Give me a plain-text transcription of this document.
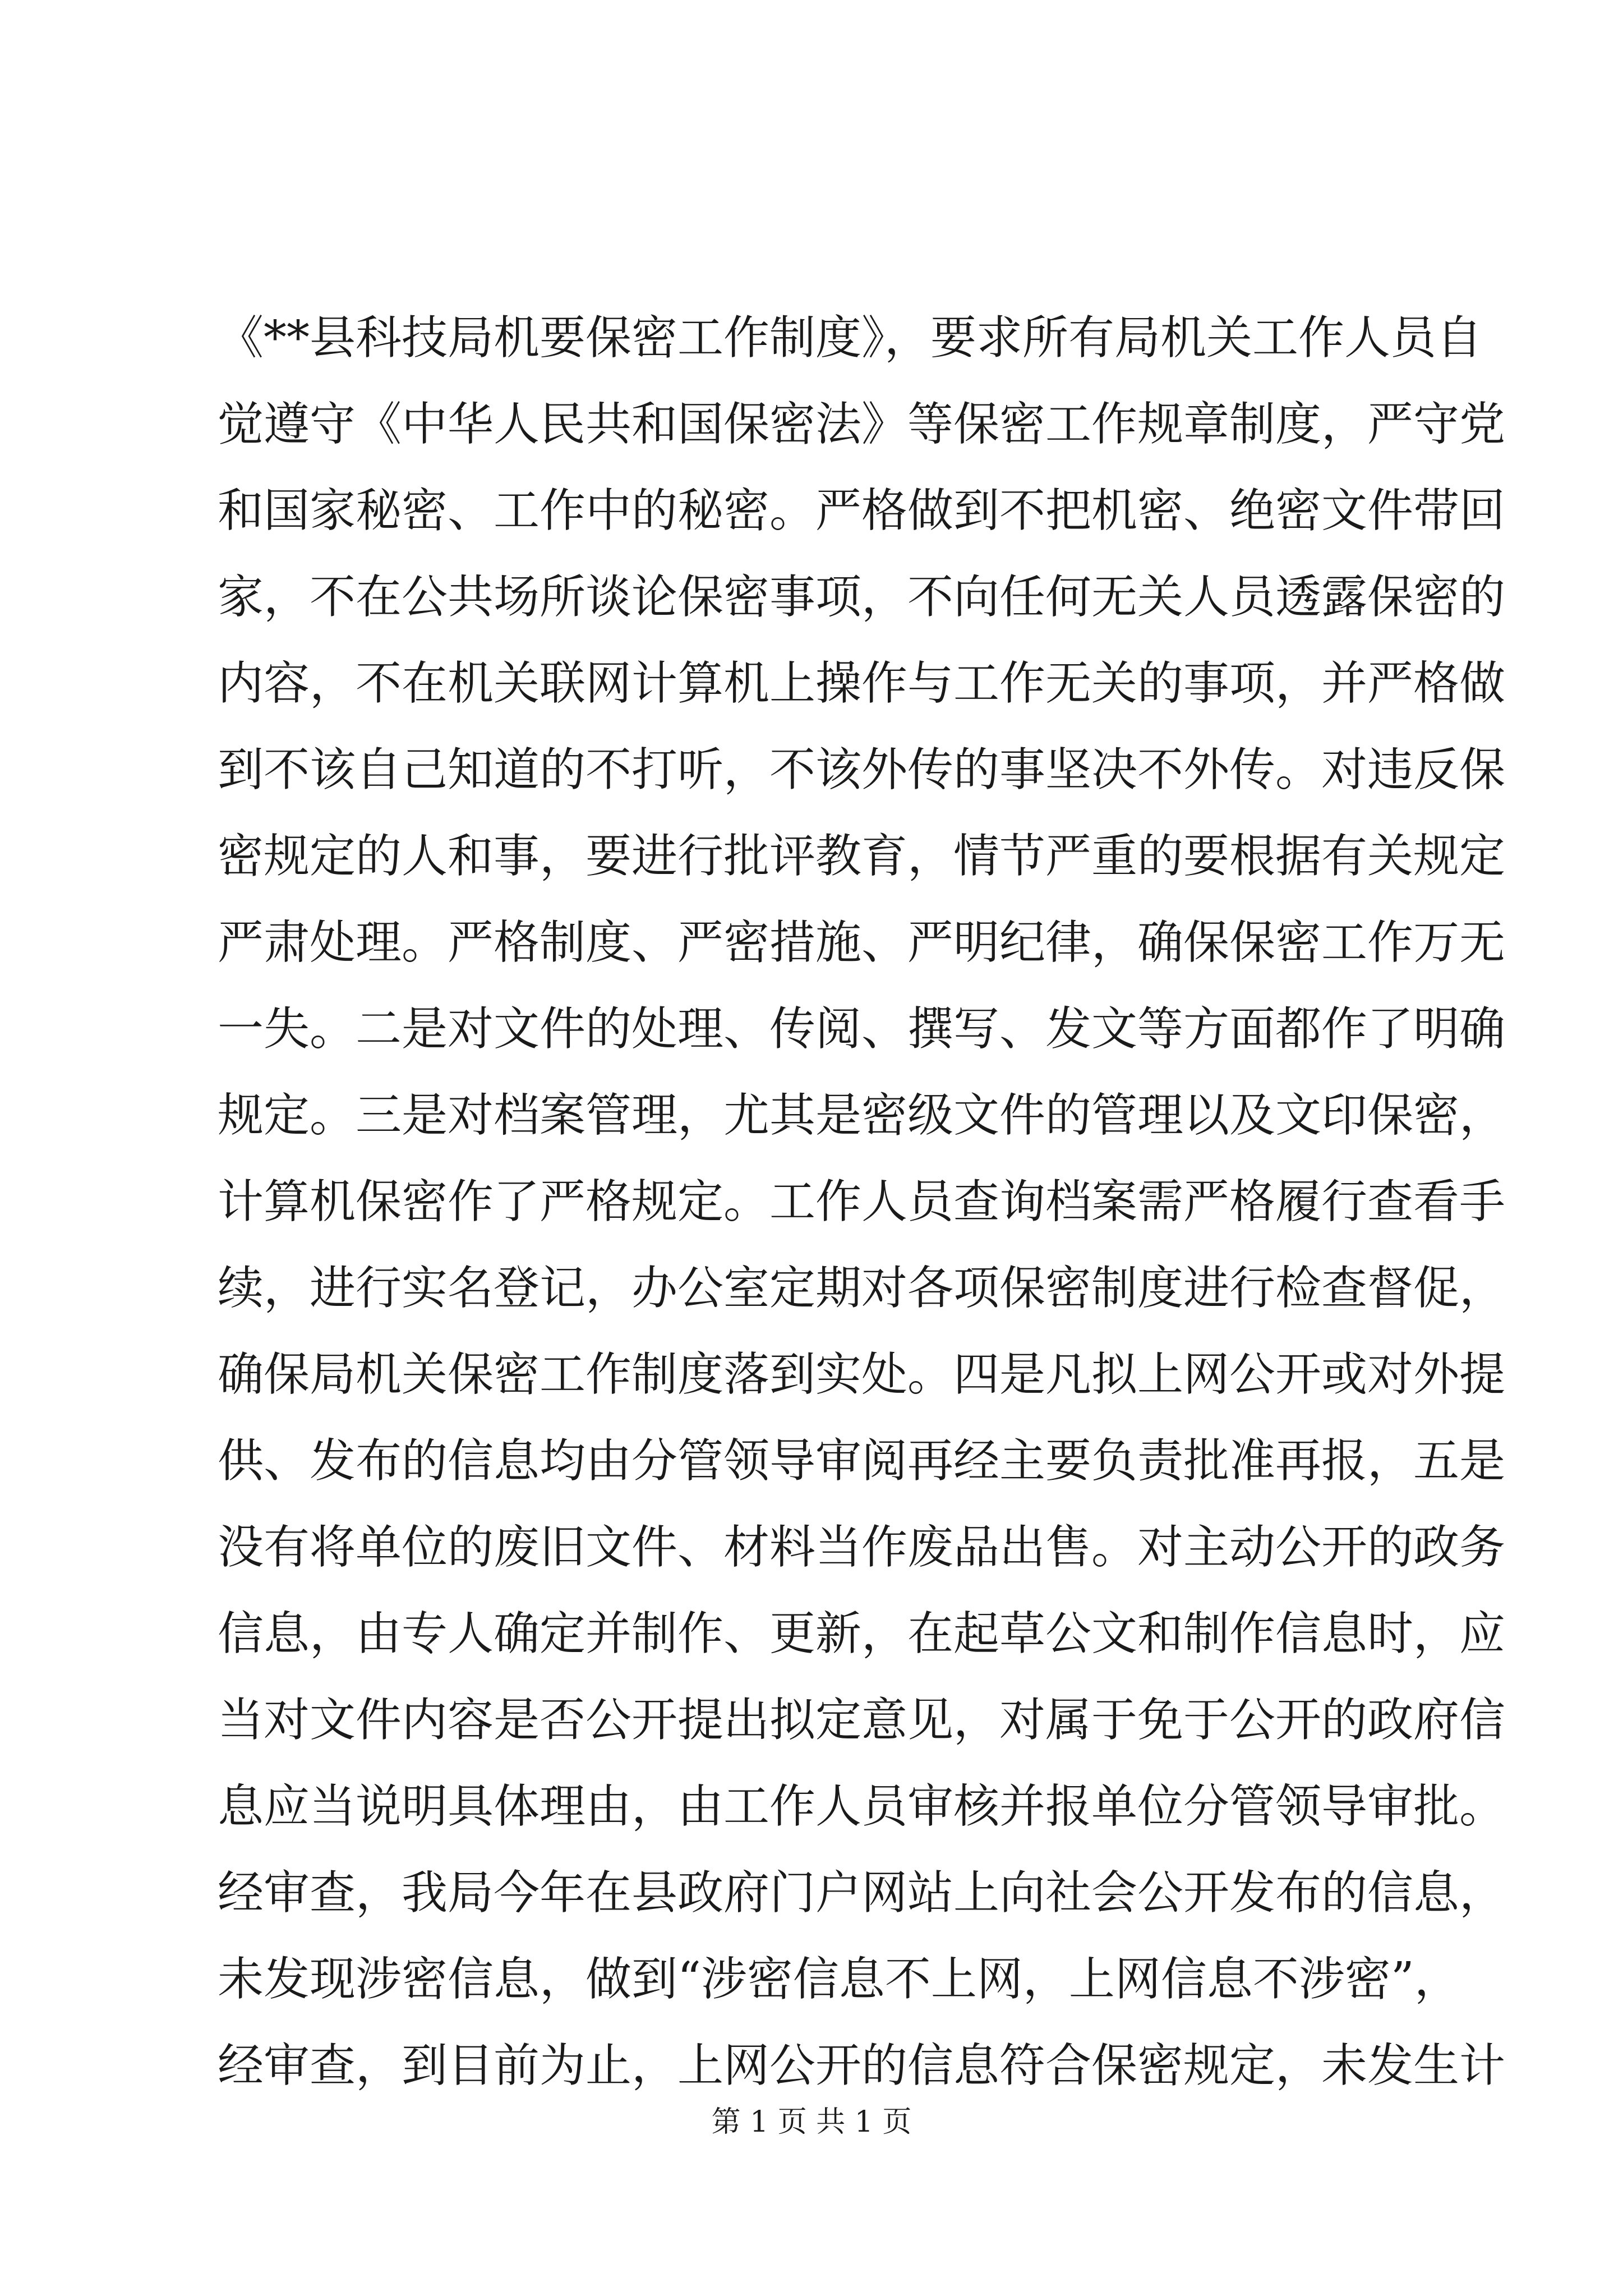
《**县科技局机要保密工作制度》，要求所有局机关工作人员自
觉遵守《中华人民共和国保密法》等保密工作规章制度，严守党
和国家秘密、工作中的秘密。严格做到不把机密、绝密文件带回
家，不在公共场所谈论保密事项，不向任何无关人员透露保密的
内容，不在机关联网计算机上操作与工作无关的事项，并严格做
到不该自己知道的不打听，不该外传的事坚决不外传。对违反保
密规定的人和事，要进行批评教育，情节严重的要根据有关规定
严肃处理。严格制度、严密措施、严明纪律，确保保密工作万无
一失。二是对文件的处理、传阅、撰写、发文等方面都作了明确
规定。三是对档案管理，尤其是密级文件的管理以及文印保密，
计算机保密作了严格规定。工作人员查询档案需严格履行查看手
续，进行实名登记，办公室定期对各项保密制度进行检查督促，
确保局机关保密工作制度落到实处。四是凡拟上网公开或对外提
供、发布的信息均由分管领导审阅再经主要负责批准再报，五是
没有将单位的废旧文件、材料当作废品出售。对主动公开的政务
信息，由专人确定并制作、更新，在起草公文和制作信息时，应
当对文件内容是否公开提出拟定意见，对属于免于公开的政府信
息应当说明具体理由，由工作人员审核并报单位分管领导审批。
经审查，我局今年在县政府门户网站上向社会公开发布的信息，
未发现涉密信息，做到“涉密信息不上网，上网信息不涉密”，
经审查，到目前为止，上网公开的信息符合保密规定，未发生计
第 1 页 共 1 页
